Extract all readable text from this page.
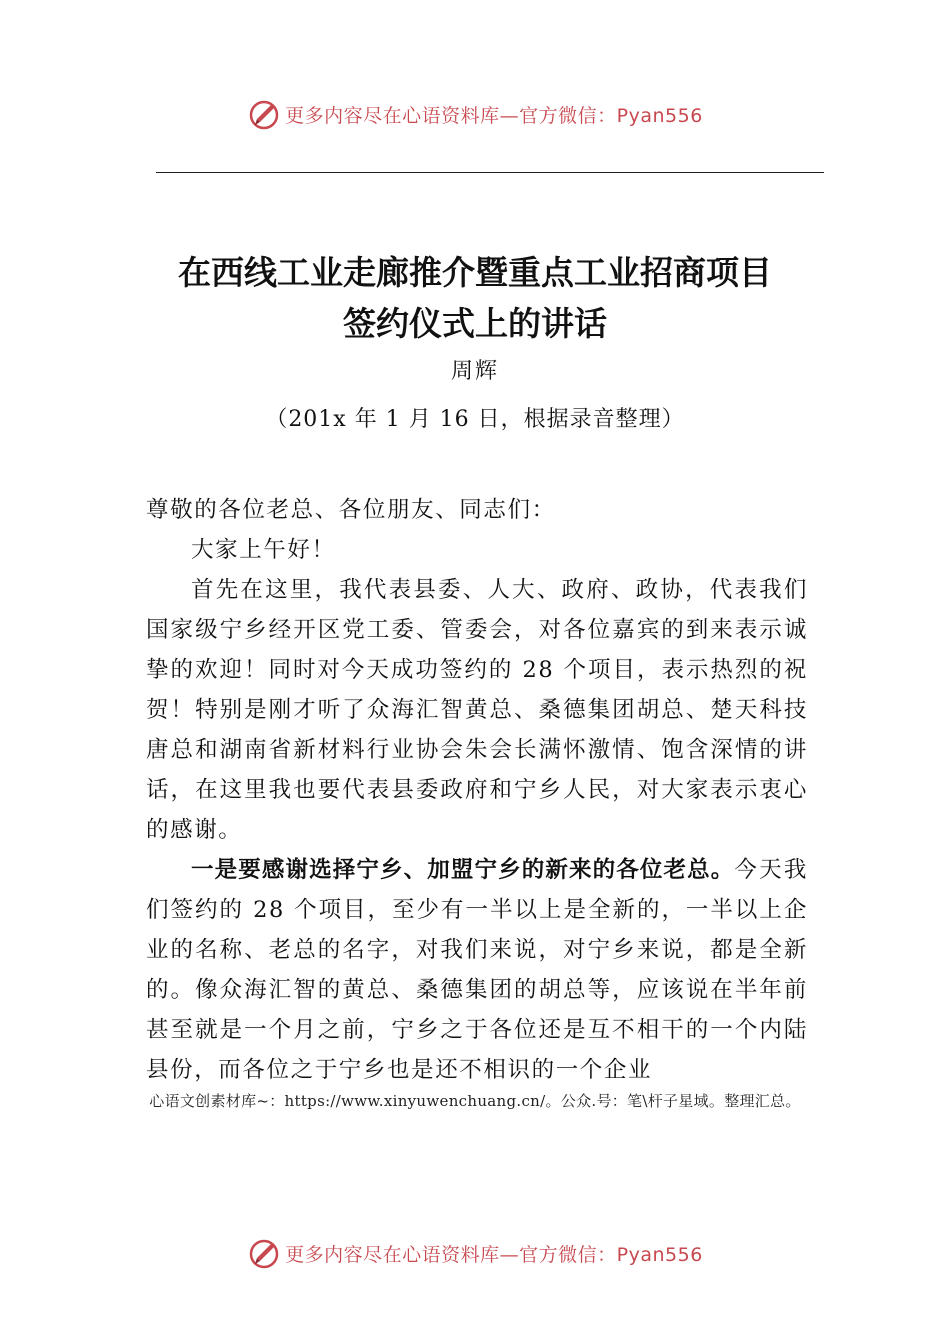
更多内容尽在心语资料库—官方微信：Pyan556
在西线工业走廊推介暨重点工业招商项目
签约仪式上的讲话
周辉
（201x 年 1 月 16 日，根据录音整理）

尊敬的各位老总、各位朋友、同志们：

大家上午好！

首先在这里，我代表县委、人大、政府、政协，代表我们国家级宁乡经开区党工委、管委会，对各位嘉宾的到来表示诚挚的欢迎！同时对今天成功签约的 28 个项目，表示热烈的祝贺！特别是刚才听了众海汇智黄总、桑德集团胡总、楚天科技唐总和湖南省新材料行业协会朱会长满怀激情、饱含深情的讲话，在这里我也要代表县委政府和宁乡人民，对大家表示衷心的感谢。

一是要感谢选择宁乡、加盟宁乡的新来的各位老总。今天我们签约的 28 个项目，至少有一半以上是全新的，一半以上企业的名称、老总的名字，对我们来说，对宁乡来说，都是全新的。像众海汇智的黄总、桑德集团的胡总等，应该说在半年前甚至就是一个月之前，宁乡之于各位还是互不相干的一个内陆县份，而各位之于宁乡也是还不相识的一个企业

心语文创素材库~：https://www.xinyuwenchuang.cn/。公众.号：笔\杆子星域。整理汇总。
更多内容尽在心语资料库—官方微信：Pyan556
